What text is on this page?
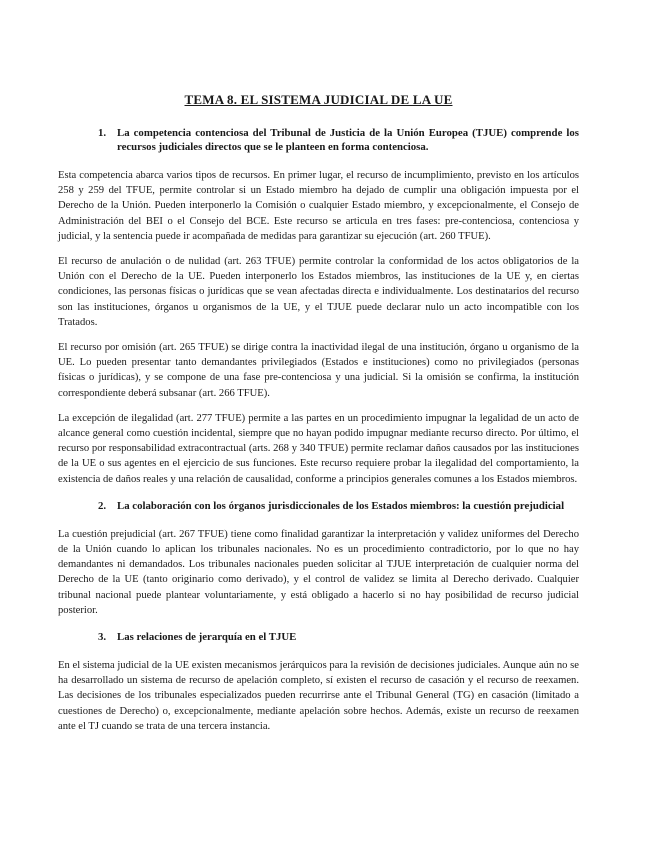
TEMA 8. EL SISTEMA JUDICIAL DE LA UE
1.	La competencia contenciosa del Tribunal de Justicia de la Unión Europea (TJUE) comprende los recursos judiciales directos que se le planteen en forma contenciosa.

Esta competencia abarca varios tipos de recursos. En primer lugar, el recurso de incumplimiento, previsto en los artículos 258 y 259 del TFUE, permite controlar si un Estado miembro ha dejado de cumplir una obligación impuesta por el Derecho de la Unión. Pueden interponerlo la Comisión o cualquier Estado miembro, y excepcionalmente, el Consejo de Administración del BEI o el Consejo del BCE. Este recurso se articula en tres fases: pre-contenciosa, contenciosa y judicial, y la sentencia puede ir acompañada de medidas para garantizar su ejecución (art. 260 TFUE).

El recurso de anulación o de nulidad (art. 263 TFUE) permite controlar la conformidad de los actos obligatorios de la Unión con el Derecho de la UE. Pueden interponerlo los Estados miembros, las instituciones de la UE y, en ciertas condiciones, las personas físicas o jurídicas que se vean afectadas directa e individualmente. Los destinatarios del recurso son las instituciones, órganos u organismos de la UE, y el TJUE puede declarar nulo un acto incompatible con los Tratados.

El recurso por omisión (art. 265 TFUE) se dirige contra la inactividad ilegal de una institución, órgano u organismo de la UE. Lo pueden presentar tanto demandantes privilegiados (Estados e instituciones) como no privilegiados (personas físicas o jurídicas), y se compone de una fase pre-contenciosa y una judicial. Si la omisión se confirma, la institución correspondiente deberá subsanar (art. 266 TFUE).

La excepción de ilegalidad (art. 277 TFUE) permite a las partes en un procedimiento impugnar la legalidad de un acto de alcance general como cuestión incidental, siempre que no hayan podido impugnar mediante recurso directo. Por último, el recurso por responsabilidad extracontractual (arts. 268 y 340 TFUE) permite reclamar daños causados por las instituciones de la UE o sus agentes en el ejercicio de sus funciones. Este recurso requiere probar la ilegalidad del comportamiento, la existencia de daños reales y una relación de causalidad, conforme a principios generales comunes a los Estados miembros.

2.	La colaboración con los órganos jurisdiccionales de los Estados miembros: la cuestión prejudicial

La cuestión prejudicial (art. 267 TFUE) tiene como finalidad garantizar la interpretación y validez uniformes del Derecho de la Unión cuando lo aplican los tribunales nacionales. No es un procedimiento contradictorio, por lo que no hay demandantes ni demandados. Los tribunales nacionales pueden solicitar al TJUE interpretación de cualquier norma del Derecho de la UE (tanto originario como derivado), y el control de validez se limita al Derecho derivado. Cualquier tribunal nacional puede plantear voluntariamente, y está obligado a hacerlo si no hay posibilidad de recurso judicial posterior.

3.	Las relaciones de jerarquía en el TJUE

En el sistema judicial de la UE existen mecanismos jerárquicos para la revisión de decisiones judiciales. Aunque aún no se ha desarrollado un sistema de recurso de apelación completo, sí existen el recurso de casación y el recurso de reexamen. Las decisiones de los tribunales especializados pueden recurrirse ante el Tribunal General (TG) en casación (limitado a cuestiones de Derecho) o, excepcionalmente, mediante apelación sobre hechos. Además, existe un recurso de reexamen ante el TJ cuando se trata de una tercera instancia.
